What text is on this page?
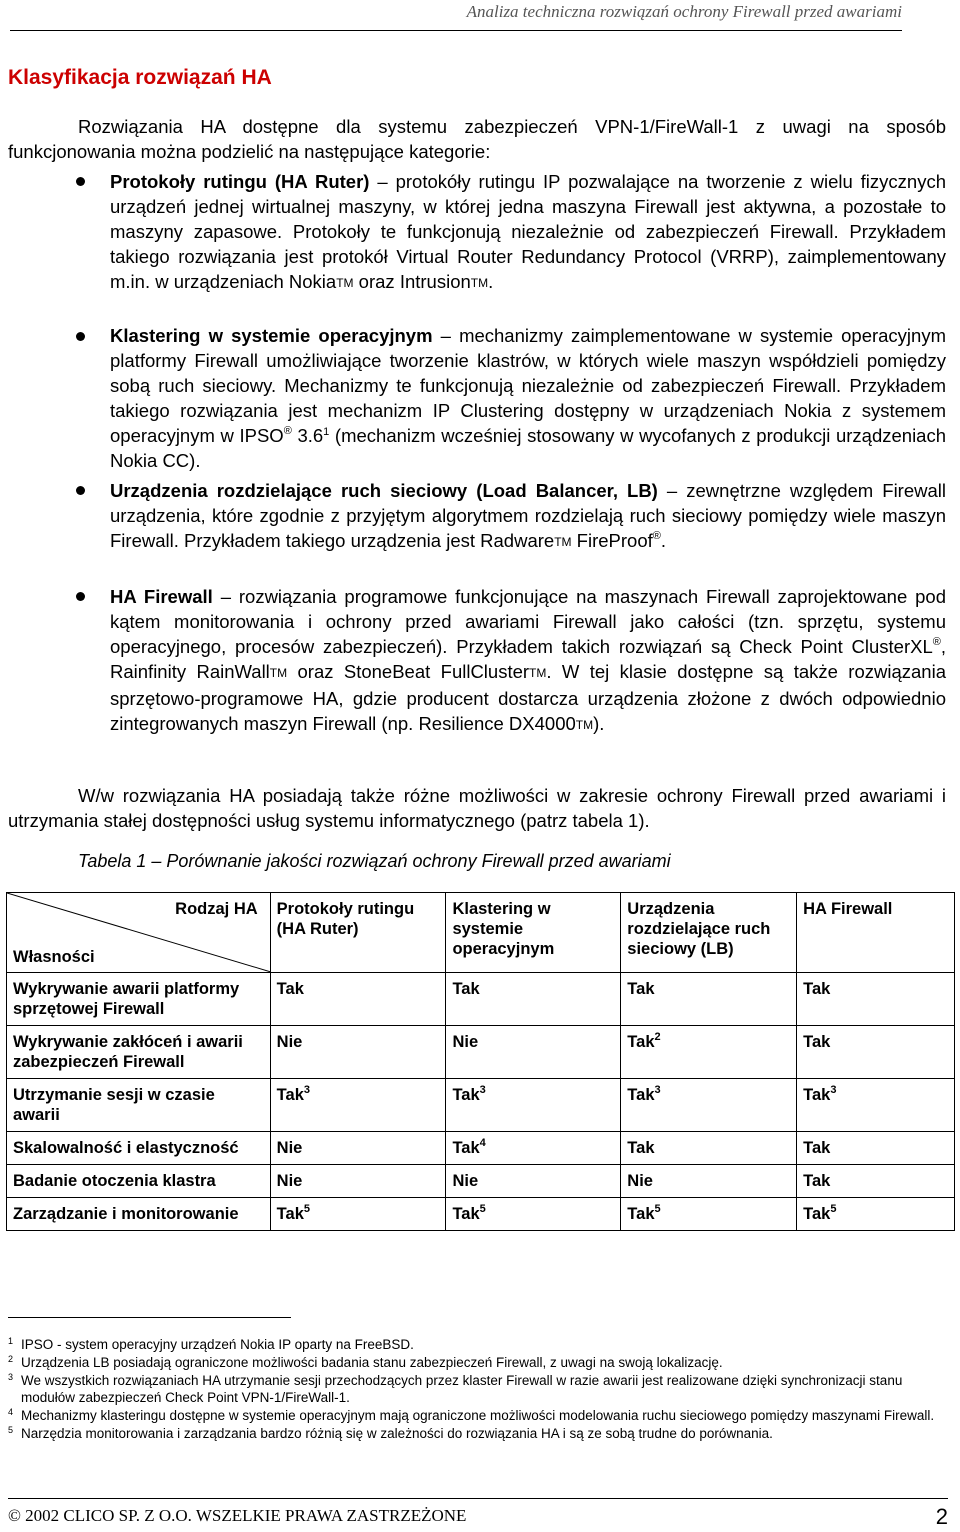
Analiza techniczna rozwiązań ochrony Firewall przed awariami
Klasyfikacja rozwiązań HA
Rozwiązania HA dostępne dla systemu zabezpieczeń VPN-1/FireWall-1 z uwagi na sposób funkcjonowania można podzielić na następujące kategorie:
Protokoły rutingu (HA Ruter) – protokóły rutingu IP pozwalające na tworzenie z wielu fizycznych urządzeń jednej wirtualnej maszyny, w której jedna maszyna Firewall jest aktywna, a pozostałe to maszyny zapasowe. Protokoły te funkcjonują niezależnie od zabezpieczeń Firewall. Przykładem takiego rozwiązania jest protokół Virtual Router Redundancy Protocol (VRRP), zaimplementowany m.in. w urządzeniach NokiaTM oraz IntrusionTM.
Klastering w systemie operacyjnym – mechanizmy zaimplementowane w systemie operacyjnym platformy Firewall umożliwiające tworzenie klastrów, w których wiele maszyn współdzieli pomiędzy sobą ruch sieciowy. Mechanizmy te funkcjonują niezależnie od zabezpieczeń Firewall. Przykładem takiego rozwiązania jest mechanizm IP Clustering dostępny w urządzeniach Nokia z systemem operacyjnym w IPSO® $3.6^1$ (mechanizm wcześniej stosowany w wycofanych z produkcji urządzeniach Nokia CC).
Urządzenia rozdzielające ruch sieciowy (Load Balancer, LB) – zewnętrzne względem Firewall urządzenia, które zgodnie z przyjętym algorytmem rozdzielają ruch sieciowy pomiędzy wiele maszyn Firewall. Przykładem takiego urządzenia jest RadwareTM FireProof®.
HA Firewall – rozwiązania programowe funkcjonujące na maszynach Firewall zaprojektowane pod kątem monitorowania i ochrony przed awariami Firewall jako całości (tzn. sprzętu, systemu operacyjnego, procesów zabezpieczeń). Przykładem takich rozwiązań są Check Point ClusterXL®, Rainfinity RainWallTM oraz StoneBeat FullClusterTM. W tej klasie dostępne są także rozwiązania sprzętowo-programowe HA, gdzie producent dostarcza urządzenia złożone z dwóch odpowiednio zintegrowanych maszyn Firewall (np. Resilience DX4000TM).
W/w rozwiązania HA posiadają także różne możliwości w zakresie ochrony Firewall przed awariami i utrzymania stałej dostępności usług systemu informatycznego (patrz tabela 1).
Tabela 1 – Porównanie jakości rozwiązań ochrony Firewall przed awariami
Rodzaj HA
Własności	Protokoły rutingu (HA Ruter)	Klastering w systemie operacyjnym	Urządzenia rozdzielające ruch sieciowy (LB)	HA Firewall
Wykrywanie awarii platformy sprzętowej Firewall	Tak	Tak	Tak	Tak
Wykrywanie zakłóceń i awarii zabezpieczeń Firewall	Nie	Nie	Tak$^2$	Tak
Utrzymanie sesji w czasie awarii	Tak$^3$	Tak$^3$	Tak$^3$	Tak$^3$
Skalowalność i elastyczność	Nie	Tak$^4$	Tak	Tak
Badanie otoczenia klastra	Nie	Nie	Nie	Tak
Zarządzanie i monitorowanie	Tak$^5$	Tak$^5$	Tak$^5$	Tak$^5$
1 IPSO - system operacyjny urządzeń Nokia IP oparty na FreeBSD.
2 Urządzenia LB posiadają ograniczone możliwości badania stanu zabezpieczeń Firewall, z uwagi na swoją lokalizację.
3 We wszystkich rozwiązaniach HA utrzymanie sesji przechodzących przez klaster Firewall w razie awarii jest realizowane dzięki synchronizacji stanu modułów zabezpieczeń Check Point VPN-1/FireWall-1.
4 Mechanizmy klasteringu dostępne w systemie operacyjnym mają ograniczone możliwości modelowania ruchu sieciowego pomiędzy maszynami Firewall.
5 Narzędzia monitorowania i zarządzania bardzo różnią się w zależności do rozwiązania HA i są ze sobą trudne do porównania.
© 2002 CLICO SP. Z O.O. WSZELKIE PRAWA ZASTRZEŻONE	2
